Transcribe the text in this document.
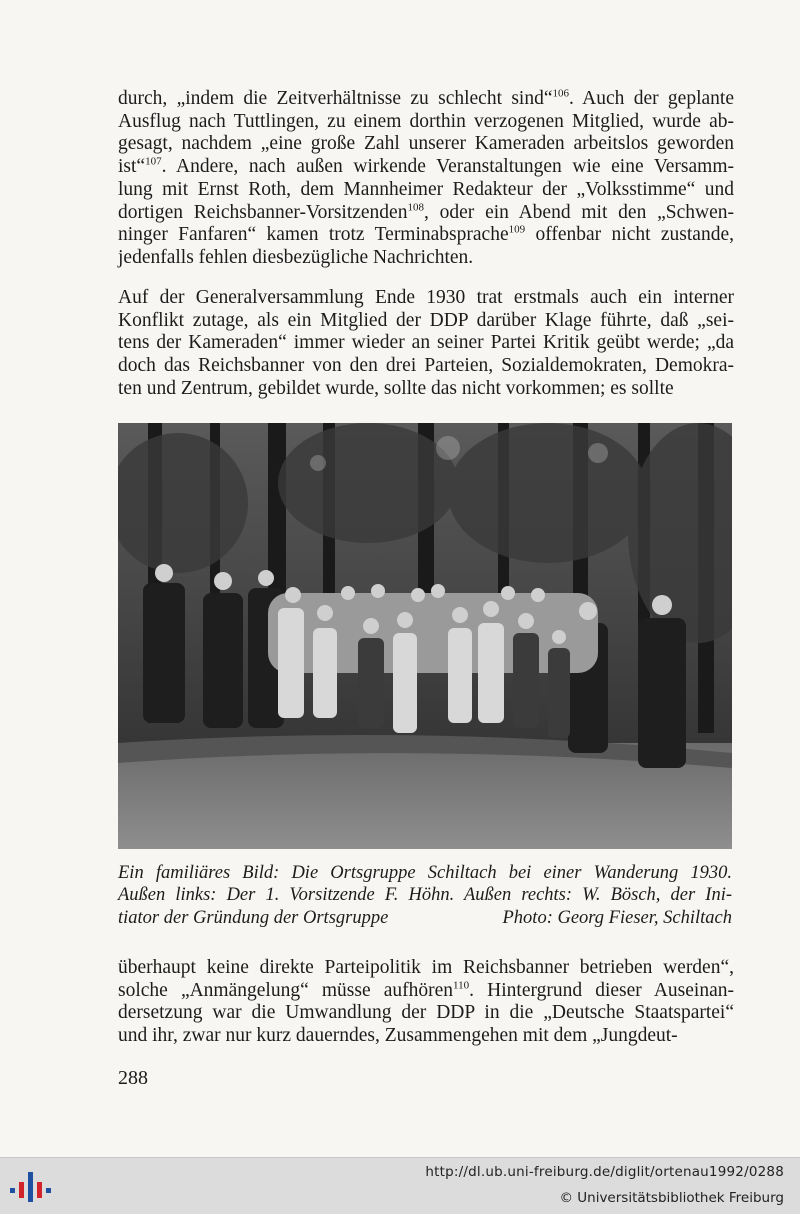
durch, „indem die Zeitverhältnisse zu schlecht sind“$^{106}$. Auch der geplante
Ausflug nach Tuttlingen, zu einem dorthin verzogenen Mitglied, wurde ab-
gesagt, nachdem „eine große Zahl unserer Kameraden arbeitslos geworden
ist“$^{107}$. Andere, nach außen wirkende Veranstaltungen wie eine Versamm-
lung mit Ernst Roth, dem Mannheimer Redakteur der „Volksstimme“ und
dortigen Reichsbanner-Vorsitzenden$^{108}$, oder ein Abend mit den „Schwen-
ninger Fanfaren“ kamen trotz Terminabsprache$^{109}$ offenbar nicht zustande,
jedenfalls fehlen diesbezügliche Nachrichten.

Auf der Generalversammlung Ende 1930 trat erstmals auch ein interner
Konflikt zutage, als ein Mitglied der DDP darüber Klage führte, daß „sei-
tens der Kameraden“ immer wieder an seiner Partei Kritik geübt werde; „da
doch das Reichsbanner von den drei Parteien, Sozialdemokraten, Demokra-
ten und Zentrum, gebildet wurde, sollte das nicht vorkommen; es sollte

Ein familiäres Bild: Die Ortsgruppe Schiltach bei einer Wanderung 1930.
Außen links: Der 1. Vorsitzende F. Höhn. Außen rechts: W. Bösch, der Ini-
tiator der Gründung der Ortsgruppe	Photo: Georg Fieser, Schiltach

überhaupt keine direkte Parteipolitik im Reichsbanner betrieben werden“,
solche „Anmängelung“ müsse aufhören$^{110}$. Hintergrund dieser Auseinan-
dersetzung war die Umwandlung der DDP in die „Deutsche Staatspartei“
und ihr, zwar nur kurz dauerndes, Zusammengehen mit dem „Jungdeut-

288
http://dl.ub.uni-freiburg.de/diglit/ortenau1992/0288
© Universitätsbibliothek Freiburg
